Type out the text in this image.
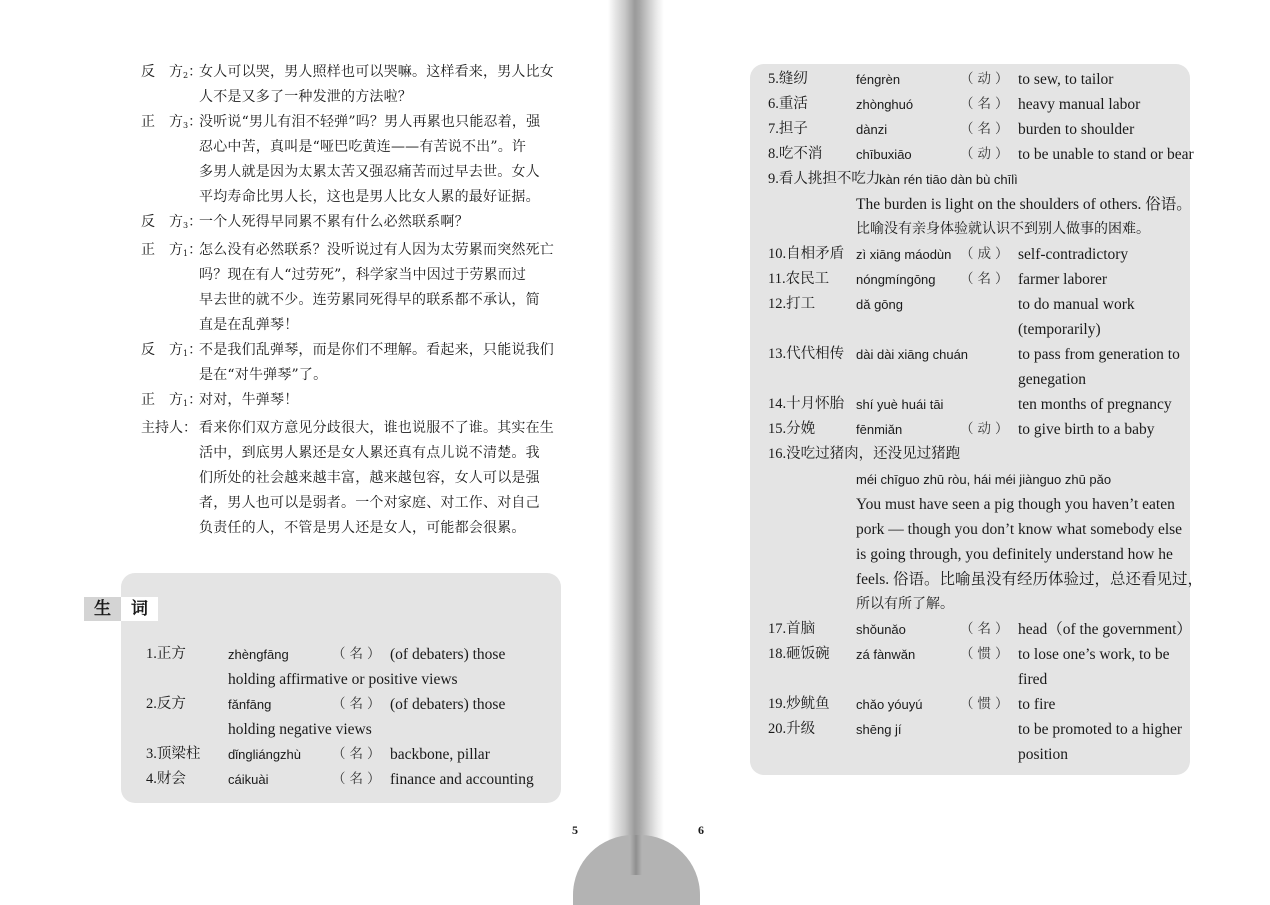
反　方$_2$：
女人可以哭，男人照样也可以哭嘛。这样看来，男人比女
人不是又多了一种发泄的方法啦？
正　方$_3$：
没听说“男儿有泪不轻弹”吗？男人再累也只能忍着，强
忍心中苦，真叫是“哑巴吃黄连——有苦说不出”。许
多男人就是因为太累太苦又强忍痛苦而过早去世。女人
平均寿命比男人长，这也是男人比女人累的最好证据。
反　方$_3$：
一个人死得早同累不累有什么必然联系啊？
正　方$_1$：
怎么没有必然联系？没听说过有人因为太劳累而突然死亡
吗？现在有人“过劳死”，科学家当中因过于劳累而过
早去世的就不少。连劳累同死得早的联系都不承认，简
直是在乱弹琴！
反　方$_1$：
不是我们乱弹琴，而是你们不理解。看起来，只能说我们
是在“对牛弹琴”了。
正　方$_1$：
对对，牛弹琴！
主持人： 看来你们双方意见分歧很大，谁也说服不了谁。其实在生
活中，到底男人累还是女人累还真有点儿说不清楚。我
们所处的社会越来越丰富，越来越包容，女人可以是强
者，男人也可以是弱者。一个对家庭、对工作、对自己
负责任的人，不管是男人还是女人，可能都会很累。
生	词
1.正方	zhèngfāng	（名） (of debaters) those
holding affirmative or positive views
2.反方	fǎnfāng	（名） (of debaters) those
holding negative views
3.顶梁柱 dǐngliángzhù （名） backbone, pillar
4.财会	cáikuài	（名） finance and accounting
5
5.缝纫	féngrèn	（动） to sew, to tailor
6.重活	zhònghuó	（名） heavy manual labor
7.担子	dànzi	（名） burden to shoulder
8.吃不消	chībuxiāo	（动） to be unable to stand or bear
9.看人挑担不吃力
kàn rén tiāo dàn bù chīlì
The burden is light on the shoulders of others. 俗语。
比喻没有亲身体验就认识不到别人做事的困难。
10.自相矛盾 zì xiāng máodùn （成） self-contradictory
11.农民工 nóngmíngōng （名） farmer laborer
12.打工	dǎ gōng	to do manual work
(temporarily)
13.代代相传 dài dài xiāng chuán	to pass from generation to
genegation
14.十月怀胎 shí yuè huái tāi	ten months of pregnancy
15.分娩	fēnmiǎn	（动） to give birth to a baby
16.没吃过猪肉，还没见过猪跑
méi chīguo zhū ròu, hái méi jiànguo zhū pǎo
You must have seen a pig though you haven’t eaten
pork — though you don’t know what somebody else
is going through, you definitely understand how he
feels. 俗语。比喻虽没有经历体验过，总还看见过，
所以有所了解。
17.首脑	shǒunǎo	（名） head（of the government）
18.砸饭碗 zá fànwǎn	（惯） to lose one’s work, to be
fired
19.炒鱿鱼 chǎo yóuyú	（惯） to fire
20.升级	shēng jí	to be promoted to a higher
position
6
